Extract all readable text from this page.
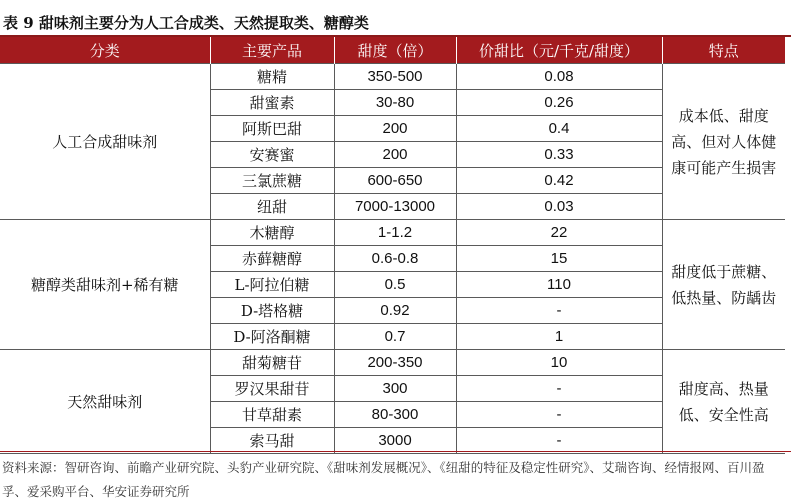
表 9 甜味剂主要分为人工合成类、天然提取类、糖醇类
分类	主要产品	甜度（倍）	价甜比（元/千克/甜度）	特点
人工合成甜味剂	糖精	350-500	0.08	成本低、甜度高、但对人体健康可能产生损害
	甜蜜素	30-80	0.26	
	阿斯巴甜	200	0.4	
	安赛蜜	200	0.33	
	三氯蔗糖	600-650	0.42	
	纽甜	7000-13000	0.03	
糖醇类甜味剂+稀有糖	木糖醇	1-1.2	22	甜度低于蔗糖、低热量、防龋齿
	赤藓糖醇	0.6-0.8	15	
	L-阿拉伯糖	0.5	110	
	D-塔格糖	0.92	-	
	D-阿洛酮糖	0.7	1	
天然甜味剂	甜菊糖苷	200-350	10	甜度高、热量低、安全性高
	罗汉果甜苷	300	-	
	甘草甜素	80-300	-	
	索马甜	3000	-	
资料来源：智研咨询、前瞻产业研究院、头豹产业研究院、《甜味剂发展概况》、《纽甜的特征及稳定性研究》、艾瑞咨询、经情报网、百川盈孚、爱采购平台、华安证券研究所
